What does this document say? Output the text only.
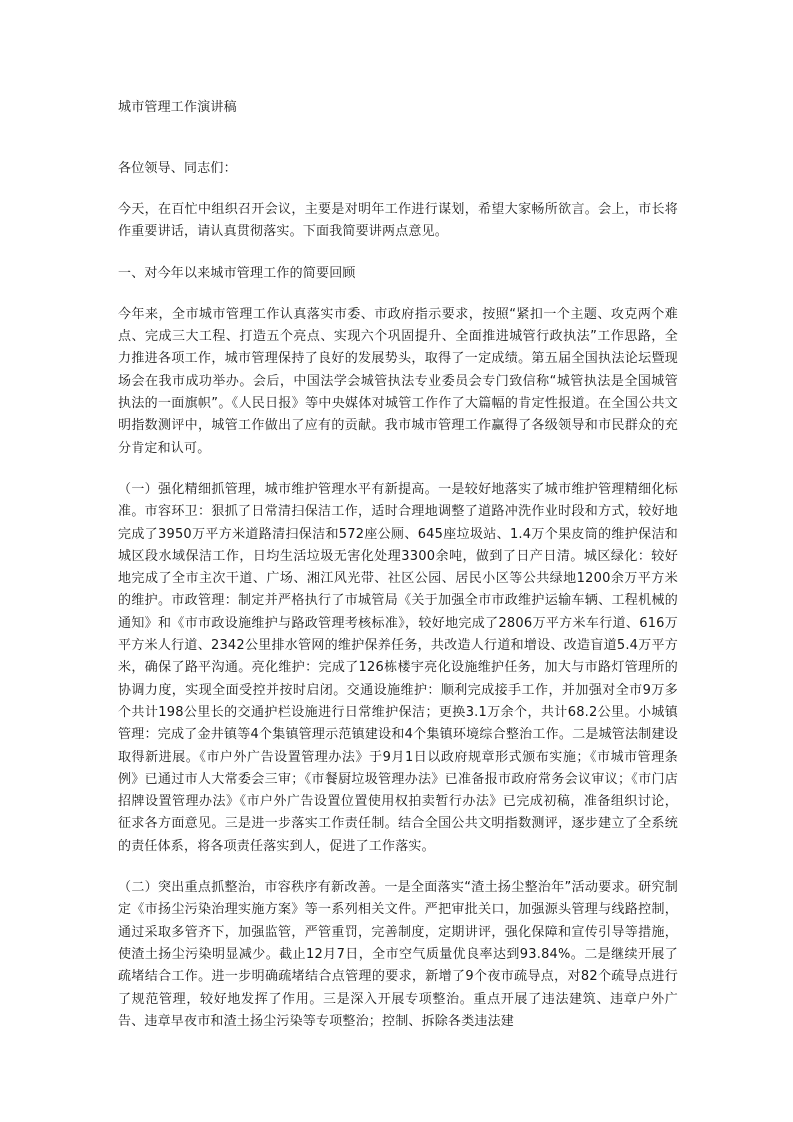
城市管理工作演讲稿

各位领导、同志们：

今天，在百忙中组织召开会议，主要是对明年工作进行谋划，希望大家畅所欲言。会上，市长将作重要讲话，请认真贯彻落实。下面我简要讲两点意见。

一、对今年以来城市管理工作的简要回顾

今年来，全市城市管理工作认真落实市委、市政府指示要求，按照“紧扣一个主题、攻克两个难点、完成三大工程、打造五个亮点、实现六个巩固提升、全面推进城管行政执法”工作思路，全力推进各项工作，城市管理保持了良好的发展势头，取得了一定成绩。第五届全国执法论坛暨现场会在我市成功举办。会后，中国法学会城管执法专业委员会专门致信称“城管执法是全国城管执法的一面旗帜”。《人民日报》等中央媒体对城管工作作了大篇幅的肯定性报道。在全国公共文明指数测评中，城管工作做出了应有的贡献。我市城市管理工作赢得了各级领导和市民群众的充分肯定和认可。

（一）强化精细抓管理，城市维护管理水平有新提高。一是较好地落实了城市维护管理精细化标准。市容环卫：狠抓了日常清扫保洁工作，适时合理地调整了道路冲洗作业时段和方式，较好地完成了3950万平方米道路清扫保洁和572座公厕、645座垃圾站、1.4万个果皮筒的维护保洁和城区段水域保洁工作，日均生活垃圾无害化处理3300余吨，做到了日产日清。城区绿化：较好地完成了全市主次干道、广场、湘江风光带、社区公园、居民小区等公共绿地1200余万平方米的维护。市政管理：制定并严格执行了市城管局《关于加强全市市政维护运输车辆、工程机械的通知》和《市市政设施维护与路政管理考核标准》，较好地完成了2806万平方米车行道、616万平方米人行道、2342公里排水管网的维护保养任务，共改造人行道和增设、改造盲道5.4万平方米，确保了路平沟通。亮化维护：完成了126栋楼宇亮化设施维护任务，加大与市路灯管理所的协调力度，实现全面受控并按时启闭。交通设施维护：顺利完成接手工作，并加强对全市9万多个共计198公里长的交通护栏设施进行日常维护保洁；更换3.1万余个，共计68.2公里。小城镇管理：完成了金井镇等4个集镇管理示范镇建设和4个集镇环境综合整治工作。二是城管法制建设取得新进展。《市户外广告设置管理办法》于9月1日以政府规章形式颁布实施；《市城市管理条例》已通过市人大常委会三审；《市餐厨垃圾管理办法》已准备报市政府常务会议审议；《市门店招牌设置管理办法》《市户外广告设置位置使用权拍卖暂行办法》已完成初稿，准备组织讨论，征求各方面意见。三是进一步落实工作责任制。结合全国公共文明指数测评，逐步建立了全系统的责任体系，将各项责任落实到人，促进了工作落实。

（二）突出重点抓整治，市容秩序有新改善。一是全面落实“渣土扬尘整治年”活动要求。研究制定《市扬尘污染治理实施方案》等一系列相关文件。严把审批关口，加强源头管理与线路控制，通过采取多管齐下，加强监管，严管重罚，完善制度，定期讲评，强化保障和宣传引导等措施，使渣土扬尘污染明显减少。截止12月7日，全市空气质量优良率达到93.84%。二是继续开展了疏堵结合工作。进一步明确疏堵结合点管理的要求，新增了9个夜市疏导点，对82个疏导点进行了规范管理，较好地发挥了作用。三是深入开展专项整治。重点开展了违法建筑、违章户外广告、违章早夜市和渣土扬尘污染等专项整治；控制、拆除各类违法建
